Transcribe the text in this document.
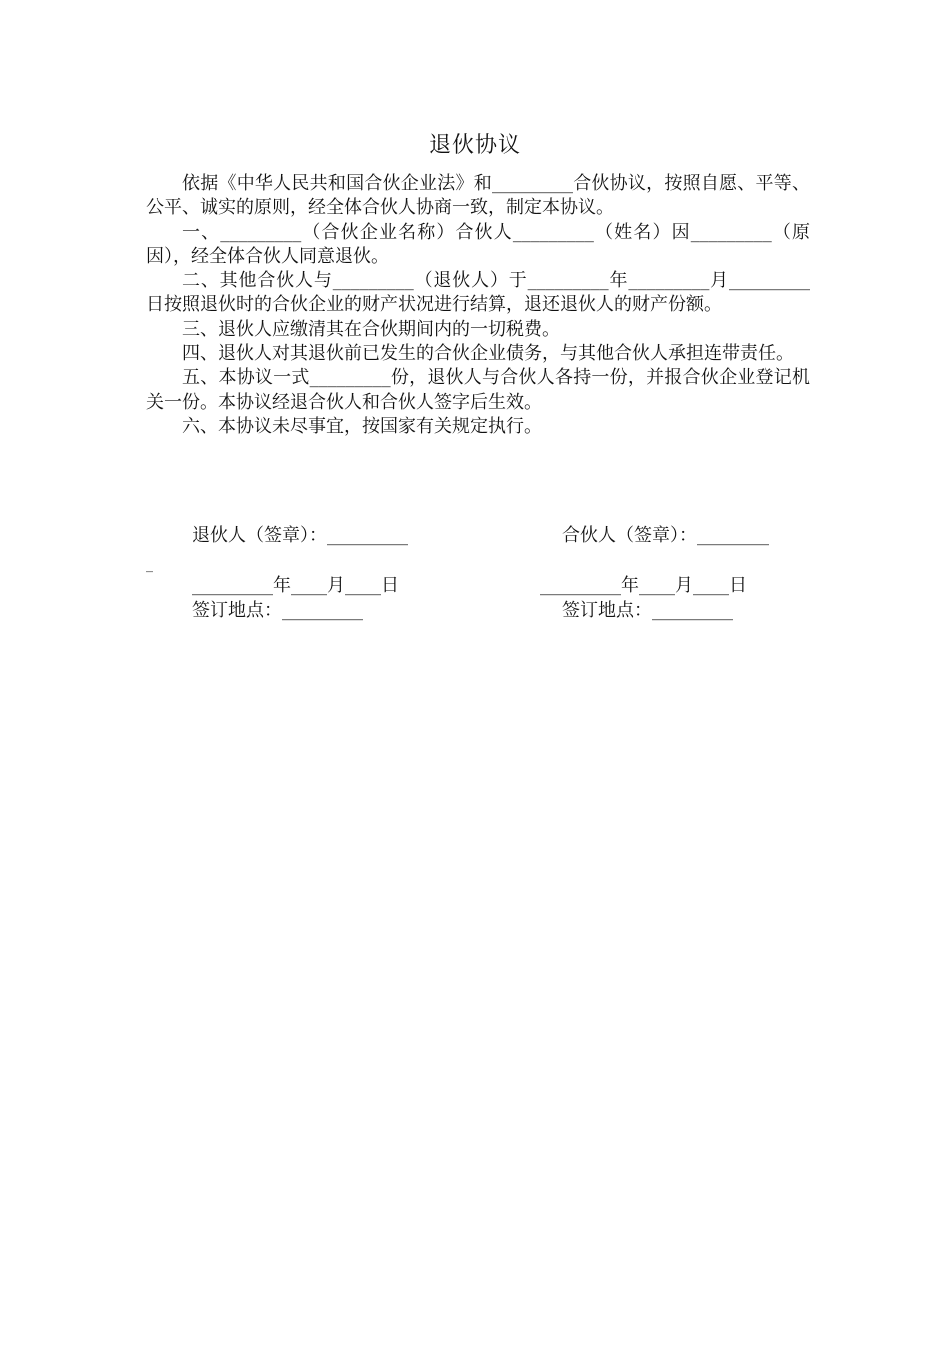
退伙协议

依据《中华人民共和国合伙企业法》和_________合伙协议，按照自愿、平等、公平、诚实的原则，经全体合伙人协商一致，制定本协议。

一、_________（合伙企业名称）合伙人_________（姓名）因_________（原因），经全体合伙人同意退伙。

二、其他合伙人与_________（退伙人）于_________年_________月_________日按照退伙时的合伙企业的财产状况进行结算，退还退伙人的财产份额。

三、退伙人应缴清其在合伙期间内的一切税费。

四、退伙人对其退伙前已发生的合伙企业债务，与其他合伙人承担连带责任。

五、本协议一式_________份，退伙人与合伙人各持一份，并报合伙企业登记机关一份。本协议经退合伙人和合伙人签字后生效。

六、本协议未尽事宜，按国家有关规定执行。

退伙人（签章）：_________	合伙人（签章）：________
_
_________年____月____日	_________年____月____日
签订地点：_________	签订地点：_________
